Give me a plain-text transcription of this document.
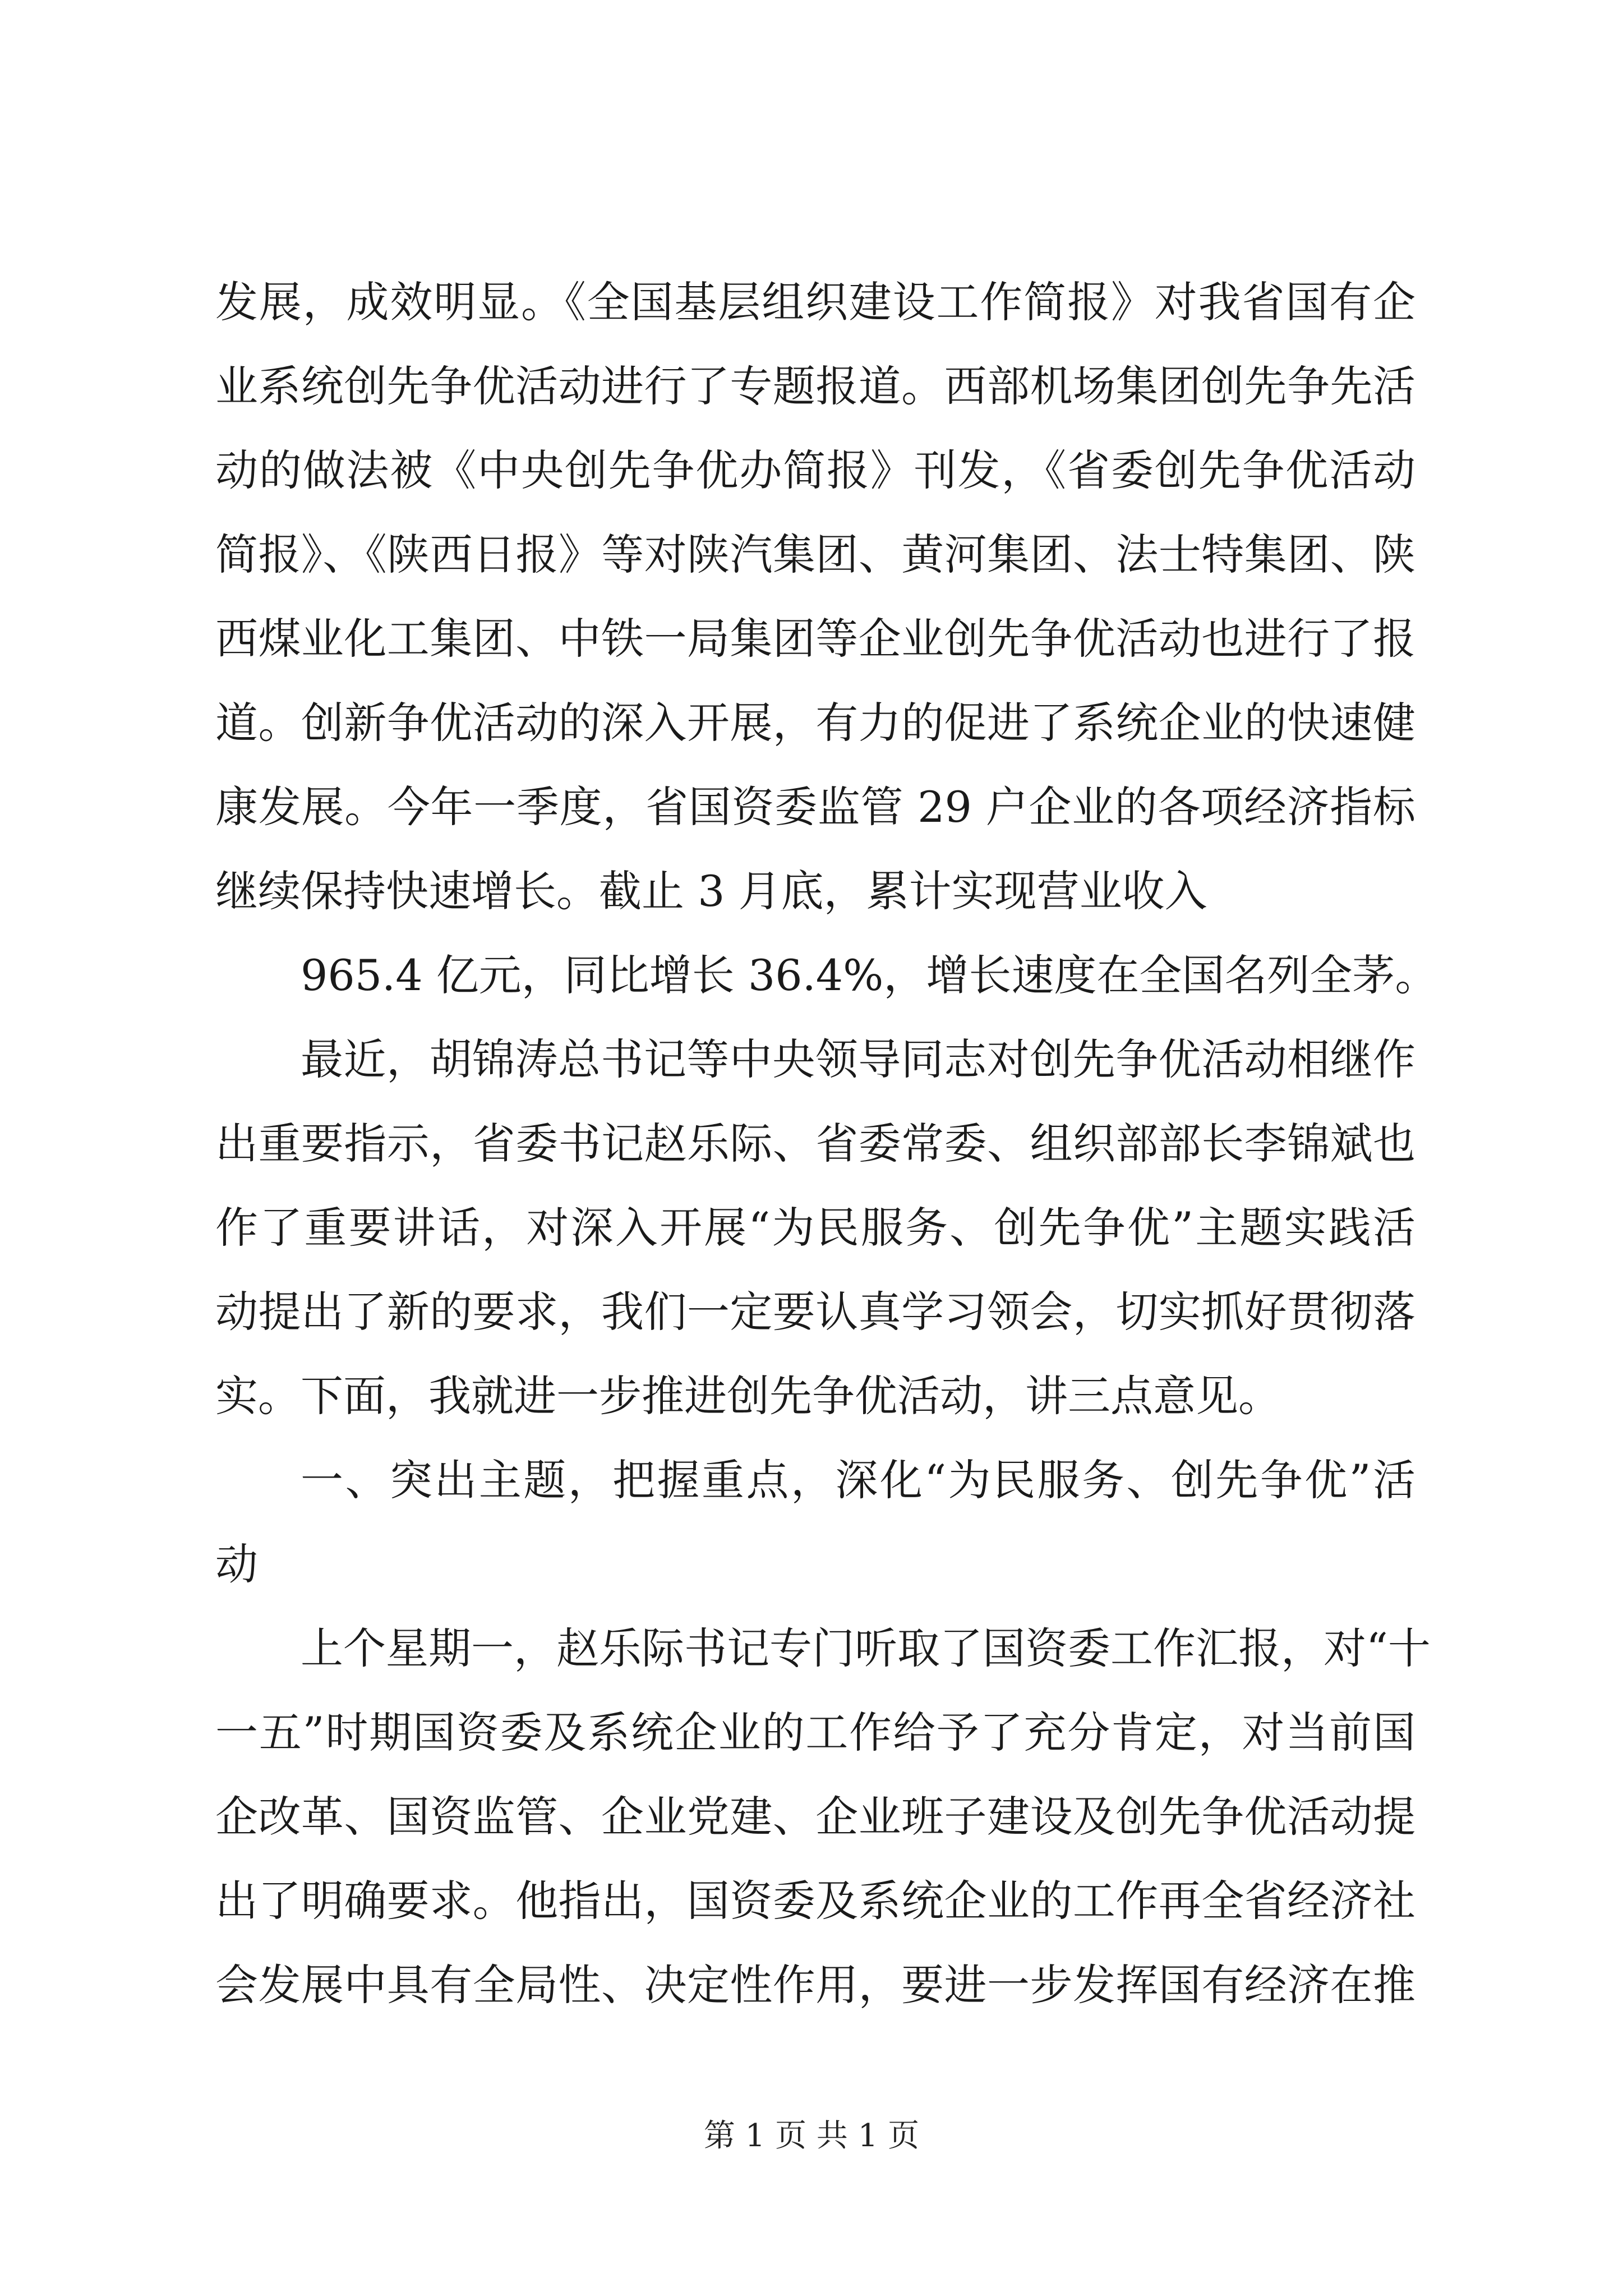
发展，成效明显。《全国基层组织建设工作简报》对我省国有企
业系统创先争优活动进行了专题报道。西部机场集团创先争先活
动的做法被《中央创先争优办简报》刊发，《省委创先争优活动
简报》、《陕西日报》等对陕汽集团、黄河集团、法士特集团、陕
西煤业化工集团、中铁一局集团等企业创先争优活动也进行了报
道。创新争优活动的深入开展，有力的促进了系统企业的快速健
康发展。今年一季度，省国资委监管 29 户企业的各项经济指标
继续保持快速增长。截止 3 月底，累计实现营业收入
965.4 亿元，同比增长 36.4%，增长速度在全国名列全茅。
最近，胡锦涛总书记等中央领导同志对创先争优活动相继作
出重要指示，省委书记赵乐际、省委常委、组织部部长李锦斌也
作了重要讲话，对深入开展“为民服务、创先争优”主题实践活
动提出了新的要求，我们一定要认真学习领会，切实抓好贯彻落
实。下面，我就进一步推进创先争优活动，讲三点意见。
一、突出主题，把握重点，深化“为民服务、创先争优”活
动
上个星期一，赵乐际书记专门听取了国资委工作汇报，对“十
一五”时期国资委及系统企业的工作给予了充分肯定，对当前国
企改革、国资监管、企业党建、企业班子建设及创先争优活动提
出了明确要求。他指出，国资委及系统企业的工作再全省经济社
会发展中具有全局性、决定性作用，要进一步发挥国有经济在推
第 1 页 共 1 页
